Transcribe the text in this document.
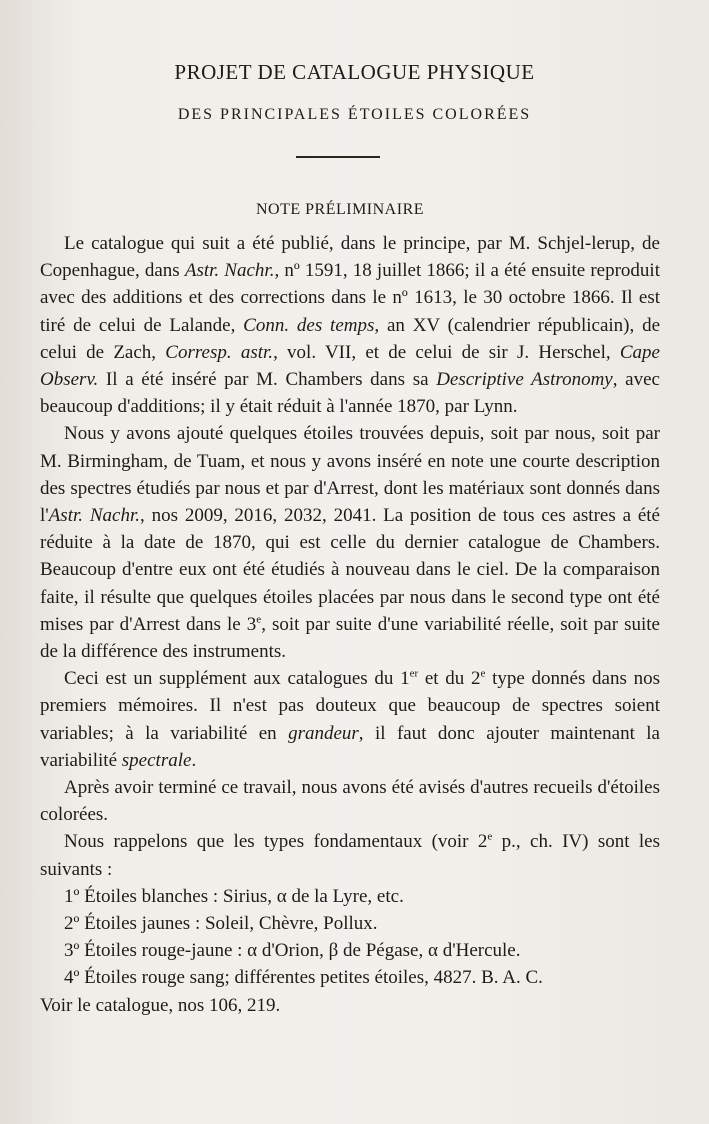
PROJET DE CATALOGUE PHYSIQUE
DES PRINCIPALES ÉTOILES COLORÉES
NOTE PRÉLIMINAIRE

Le catalogue qui suit a été publié, dans le principe, par M. Schjel-lerup, de Copenhague, dans Astr. Nachr., nº 1591, 18 juillet 1866; il a été ensuite reproduit avec des additions et des corrections dans le nº 1613, le 30 octobre 1866. Il est tiré de celui de Lalande, Conn. des temps, an XV (calendrier républicain), de celui de Zach, Corresp. astr., vol. VII, et de celui de sir J. Herschel, Cape Observ. Il a été inséré par M. Chambers dans sa Descriptive Astronomy, avec beaucoup d'additions; il y était réduit à l'année 1870, par Lynn.

Nous y avons ajouté quelques étoiles trouvées depuis, soit par nous, soit par M. Birmingham, de Tuam, et nous y avons inséré en note une courte description des spectres étudiés par nous et par d'Arrest, dont les matériaux sont donnés dans l'Astr. Nachr., nos 2009, 2016, 2032, 2041. La position de tous ces astres a été réduite à la date de 1870, qui est celle du dernier catalogue de Chambers. Beaucoup d'entre eux ont été étudiés à nouveau dans le ciel. De la comparaison faite, il résulte que quelques étoiles placées par nous dans le second type ont été mises par d'Arrest dans le 3e, soit par suite d'une variabilité réelle, soit par suite de la différence des instruments.

Ceci est un supplément aux catalogues du 1er et du 2e type donnés dans nos premiers mémoires. Il n'est pas douteux que beaucoup de spectres soient variables; à la variabilité en grandeur, il faut donc ajouter maintenant la variabilité spectrale.

Après avoir terminé ce travail, nous avons été avisés d'autres recueils d'étoiles colorées.

Nous rappelons que les types fondamentaux (voir 2e p., ch. IV) sont les suivants :

1º Étoiles blanches : Sirius, α de la Lyre, etc.

2º Étoiles jaunes : Soleil, Chèvre, Pollux.

3º Étoiles rouge-jaune : α d'Orion, β de Pégase, α d'Hercule.

4º Étoiles rouge sang; différentes petites étoiles, 4827. B. A. C.

Voir le catalogue, nos 106, 219.
